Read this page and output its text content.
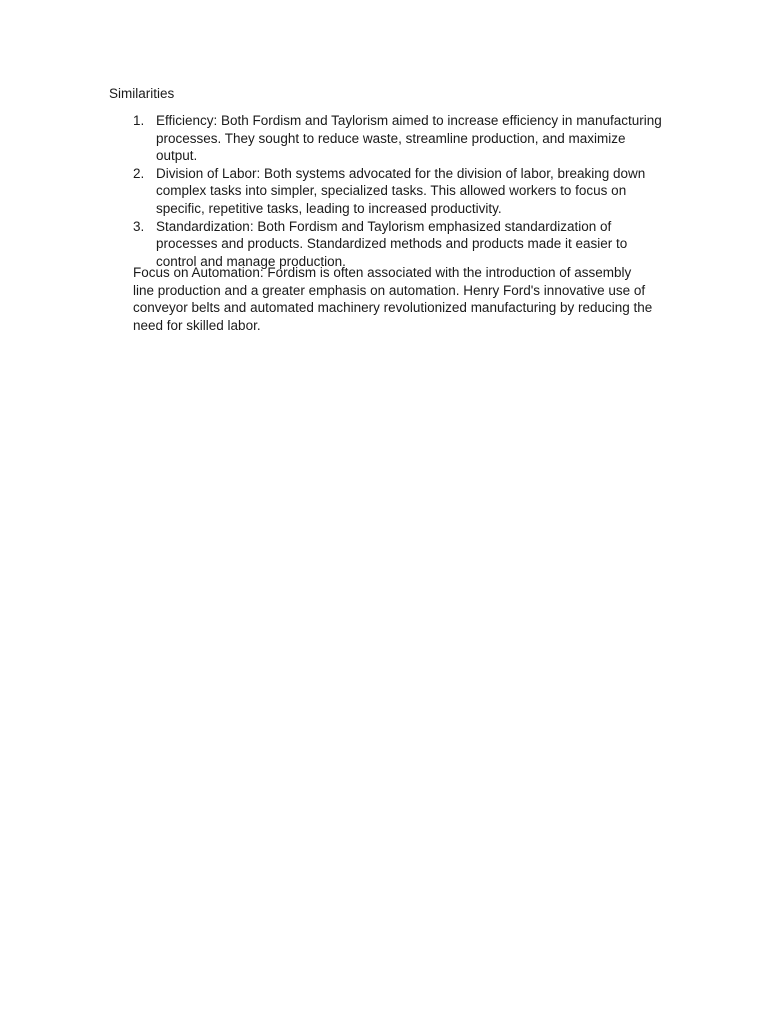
Similarities

1. Efficiency: Both Fordism and Taylorism aimed to increase efficiency in manufacturing processes. They sought to reduce waste, streamline production, and maximize output.
2. Division of Labor: Both systems advocated for the division of labor, breaking down complex tasks into simpler, specialized tasks. This allowed workers to focus on specific, repetitive tasks, leading to increased productivity.
3. Standardization: Both Fordism and Taylorism emphasized standardization of processes and products. Standardized methods and products made it easier to control and manage production.

Focus on Automation: Fordism is often associated with the introduction of assembly line production and a greater emphasis on automation. Henry Ford's innovative use of conveyor belts and automated machinery revolutionized manufacturing by reducing the need for skilled labor.
